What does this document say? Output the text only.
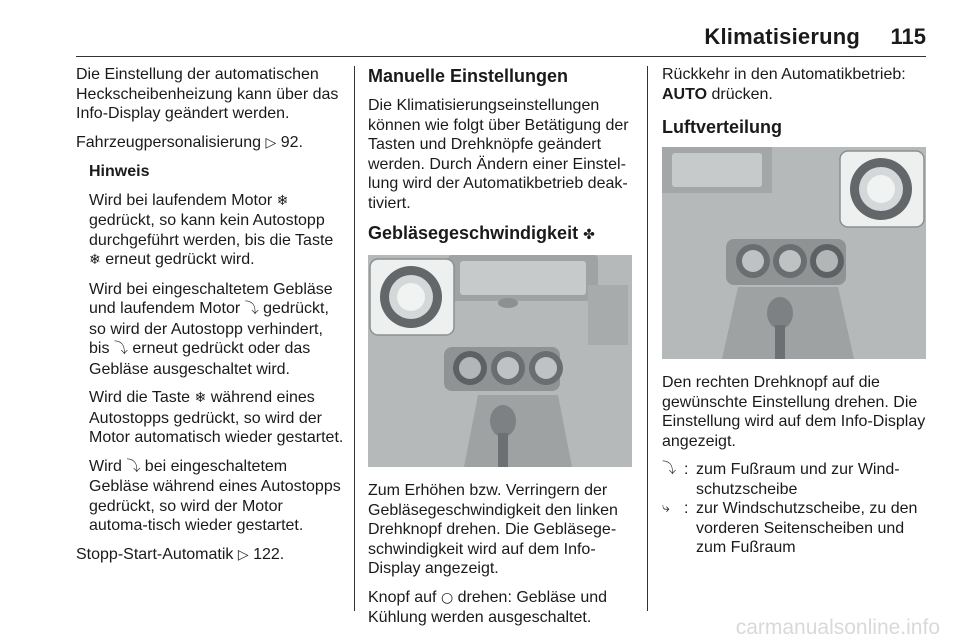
Klimatisierung	115

Die Einstellung der automatischen Heckscheibenheizung kann über das Info-Display geändert werden.

Fahrzeugpersonalisierung ▷ 92.

Hinweis

Wird bei laufendem Motor ❄ gedrückt, so kann kein Autostopp durchgeführt werden, bis die Taste ❄ erneut gedrückt wird.

Wird bei eingeschaltetem Gebläse und laufendem Motor ⤵ gedrückt, so wird der Autostopp verhindert, bis ⤵ erneut gedrückt oder das Gebläse ausgeschaltet wird.

Wird die Taste ❄ während eines Autostopps gedrückt, so wird der Motor automatisch wieder gestartet.

Wird ⤵ bei eingeschaltetem Gebläse während eines Autostopps gedrückt, so wird der Motor automa-tisch wieder gestartet.

Stopp-Start-Automatik ▷ 122.

Manuelle Einstellungen

Die Klimatisierungseinstellungen können wie folgt über Betätigung der Tasten und Drehknöpfe geändert werden. Durch Ändern einer Einstel-lung wird der Automatikbetrieb deak-tiviert.

Gebläsegeschwindigkeit ✤

Zum Erhöhen bzw. Verringern der Gebläsegeschwindigkeit den linken Drehknopf drehen. Die Gebläsege-schwindigkeit wird auf dem Info-Display angezeigt.

Knopf auf ○ drehen: Gebläse und Kühlung werden ausgeschaltet.

Rückkehr in den Automatikbetrieb:
AUTO drücken.

Luftverteilung

Den rechten Drehknopf auf die gewünschte Einstellung drehen. Die Einstellung wird auf dem Info-Display angezeigt.

⤵ : zum Fußraum und zur Wind-schutzscheibe
⤷ : zur Windschutzscheibe, zu den vorderen Seitenscheiben und zum Fußraum
carmanualsonline.info
